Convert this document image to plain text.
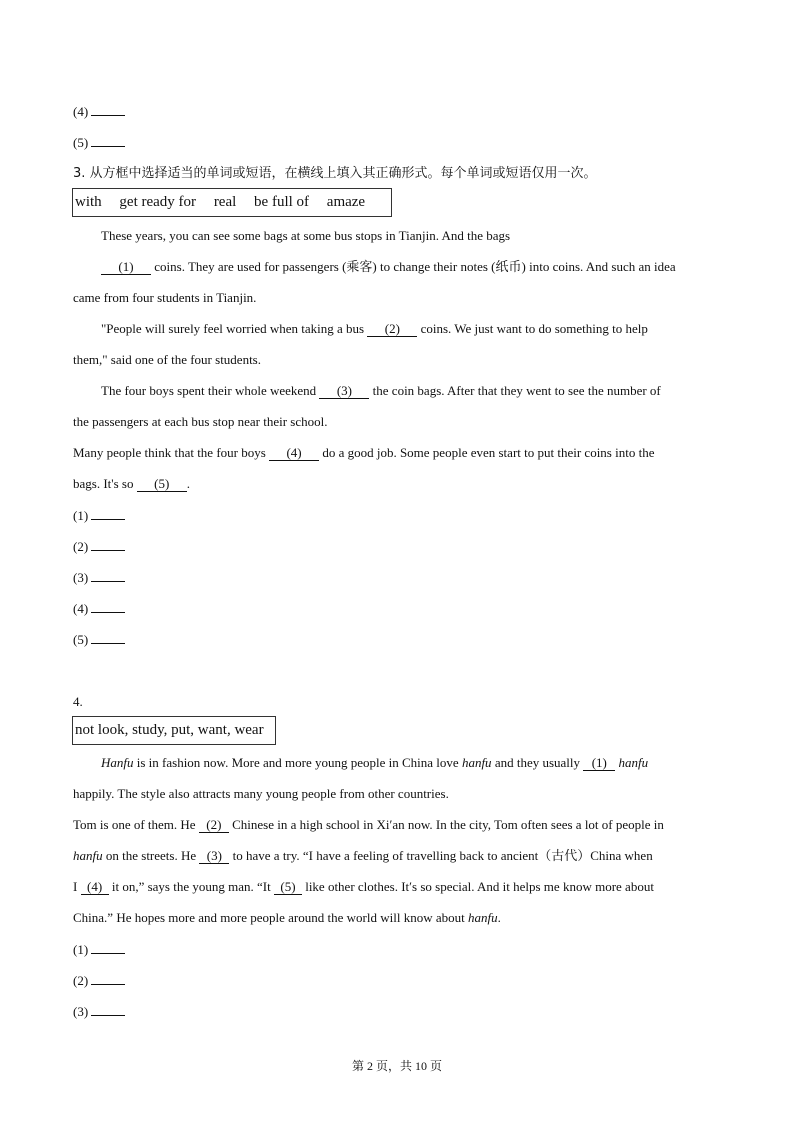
(4)
(5)
3. 从方框中选择适当的单词或短语，在横线上填入其正确形式。每个单词或短语仅用一次。
with get ready for real be full of amaze
These years, you can see some bags at some bus stops in Tianjin. And the bags
(1) coins. They are used for passengers (乘客) to change their notes (纸币) into coins. And such an idea
came from four students in Tianjin.
"People will surely feel worried when taking a bus (2) coins. We just want to do something to help
them," said one of the four students.
The four boys spent their whole weekend (3) the coin bags. After that they went to see the number of
the passengers at each bus stop near their school.
Many people think that the four boys (4) do a good job. Some people even start to put their coins into the
bags. It's so (5) .
(1)
(2)
(3)
(4)
(5)
4.
not look, study, put, want, wear
Hanfu is in fashion now. More and more young people in China love hanfu and they usually (1) hanfu
happily. The style also attracts many young people from other countries.
Tom is one of them. He (2) Chinese in a high school in Xi′an now. In the city, Tom often sees a lot of people in
hanfu on the streets. He (3) to have a try. “I have a feeling of travelling back to ancient（古代）China when
I (4) it on,” says the young man. “It (5) like other clothes. It′s so special. And it helps me know more about
China.” He hopes more and more people around the world will know about hanfu.
(1)
(2)
(3)
第 2 页，共 10 页
